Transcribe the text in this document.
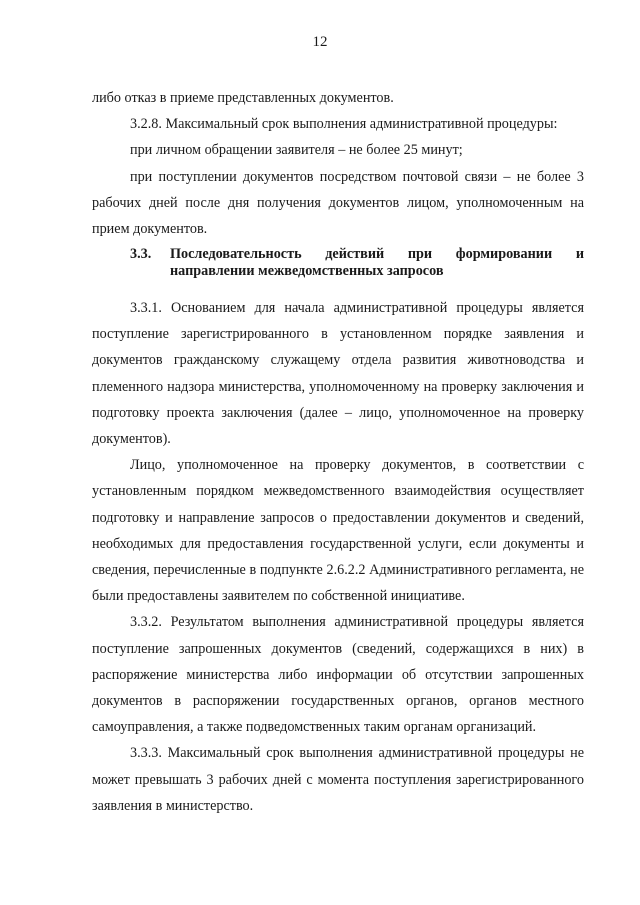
12

либо отказ в приеме представленных документов.

3.2.8. Максимальный срок выполнения административной процедуры:

при личном обращении заявителя – не более 25 минут;

при поступлении документов посредством почтовой связи – не более 3 рабочих дней после дня получения документов лицом, уполномоченным на прием документов.

3.3.	Последовательность действий при формировании и
направлении межведомственных запросов

3.3.1. Основанием для начала административной процедуры является поступление зарегистрированного в установленном порядке заявления и документов гражданскому служащему отдела развития животноводства и племенного надзора министерства, уполномоченному на проверку заключения и подготовку проекта заключения (далее – лицо, уполномоченное на проверку документов).

Лицо, уполномоченное на проверку документов, в соответствии с установленным порядком межведомственного взаимодействия осуществляет подготовку и направление запросов о предоставлении документов и сведений, необходимых для предоставления государственной услуги, если документы и сведения, перечисленные в подпункте 2.6.2.2 Административного регламента, не были предоставлены заявителем по собственной инициативе.

3.3.2. Результатом выполнения административной процедуры является поступление запрошенных документов (сведений, содержащихся в них) в распоряжение министерства либо информации об отсутствии запрошенных документов в распоряжении государственных органов, органов местного самоуправления, а также подведомственных таким органам организаций.

3.3.3. Максимальный срок выполнения административной процедуры не может превышать 3 рабочих дней с момента поступления зарегистрированного заявления в министерство.
